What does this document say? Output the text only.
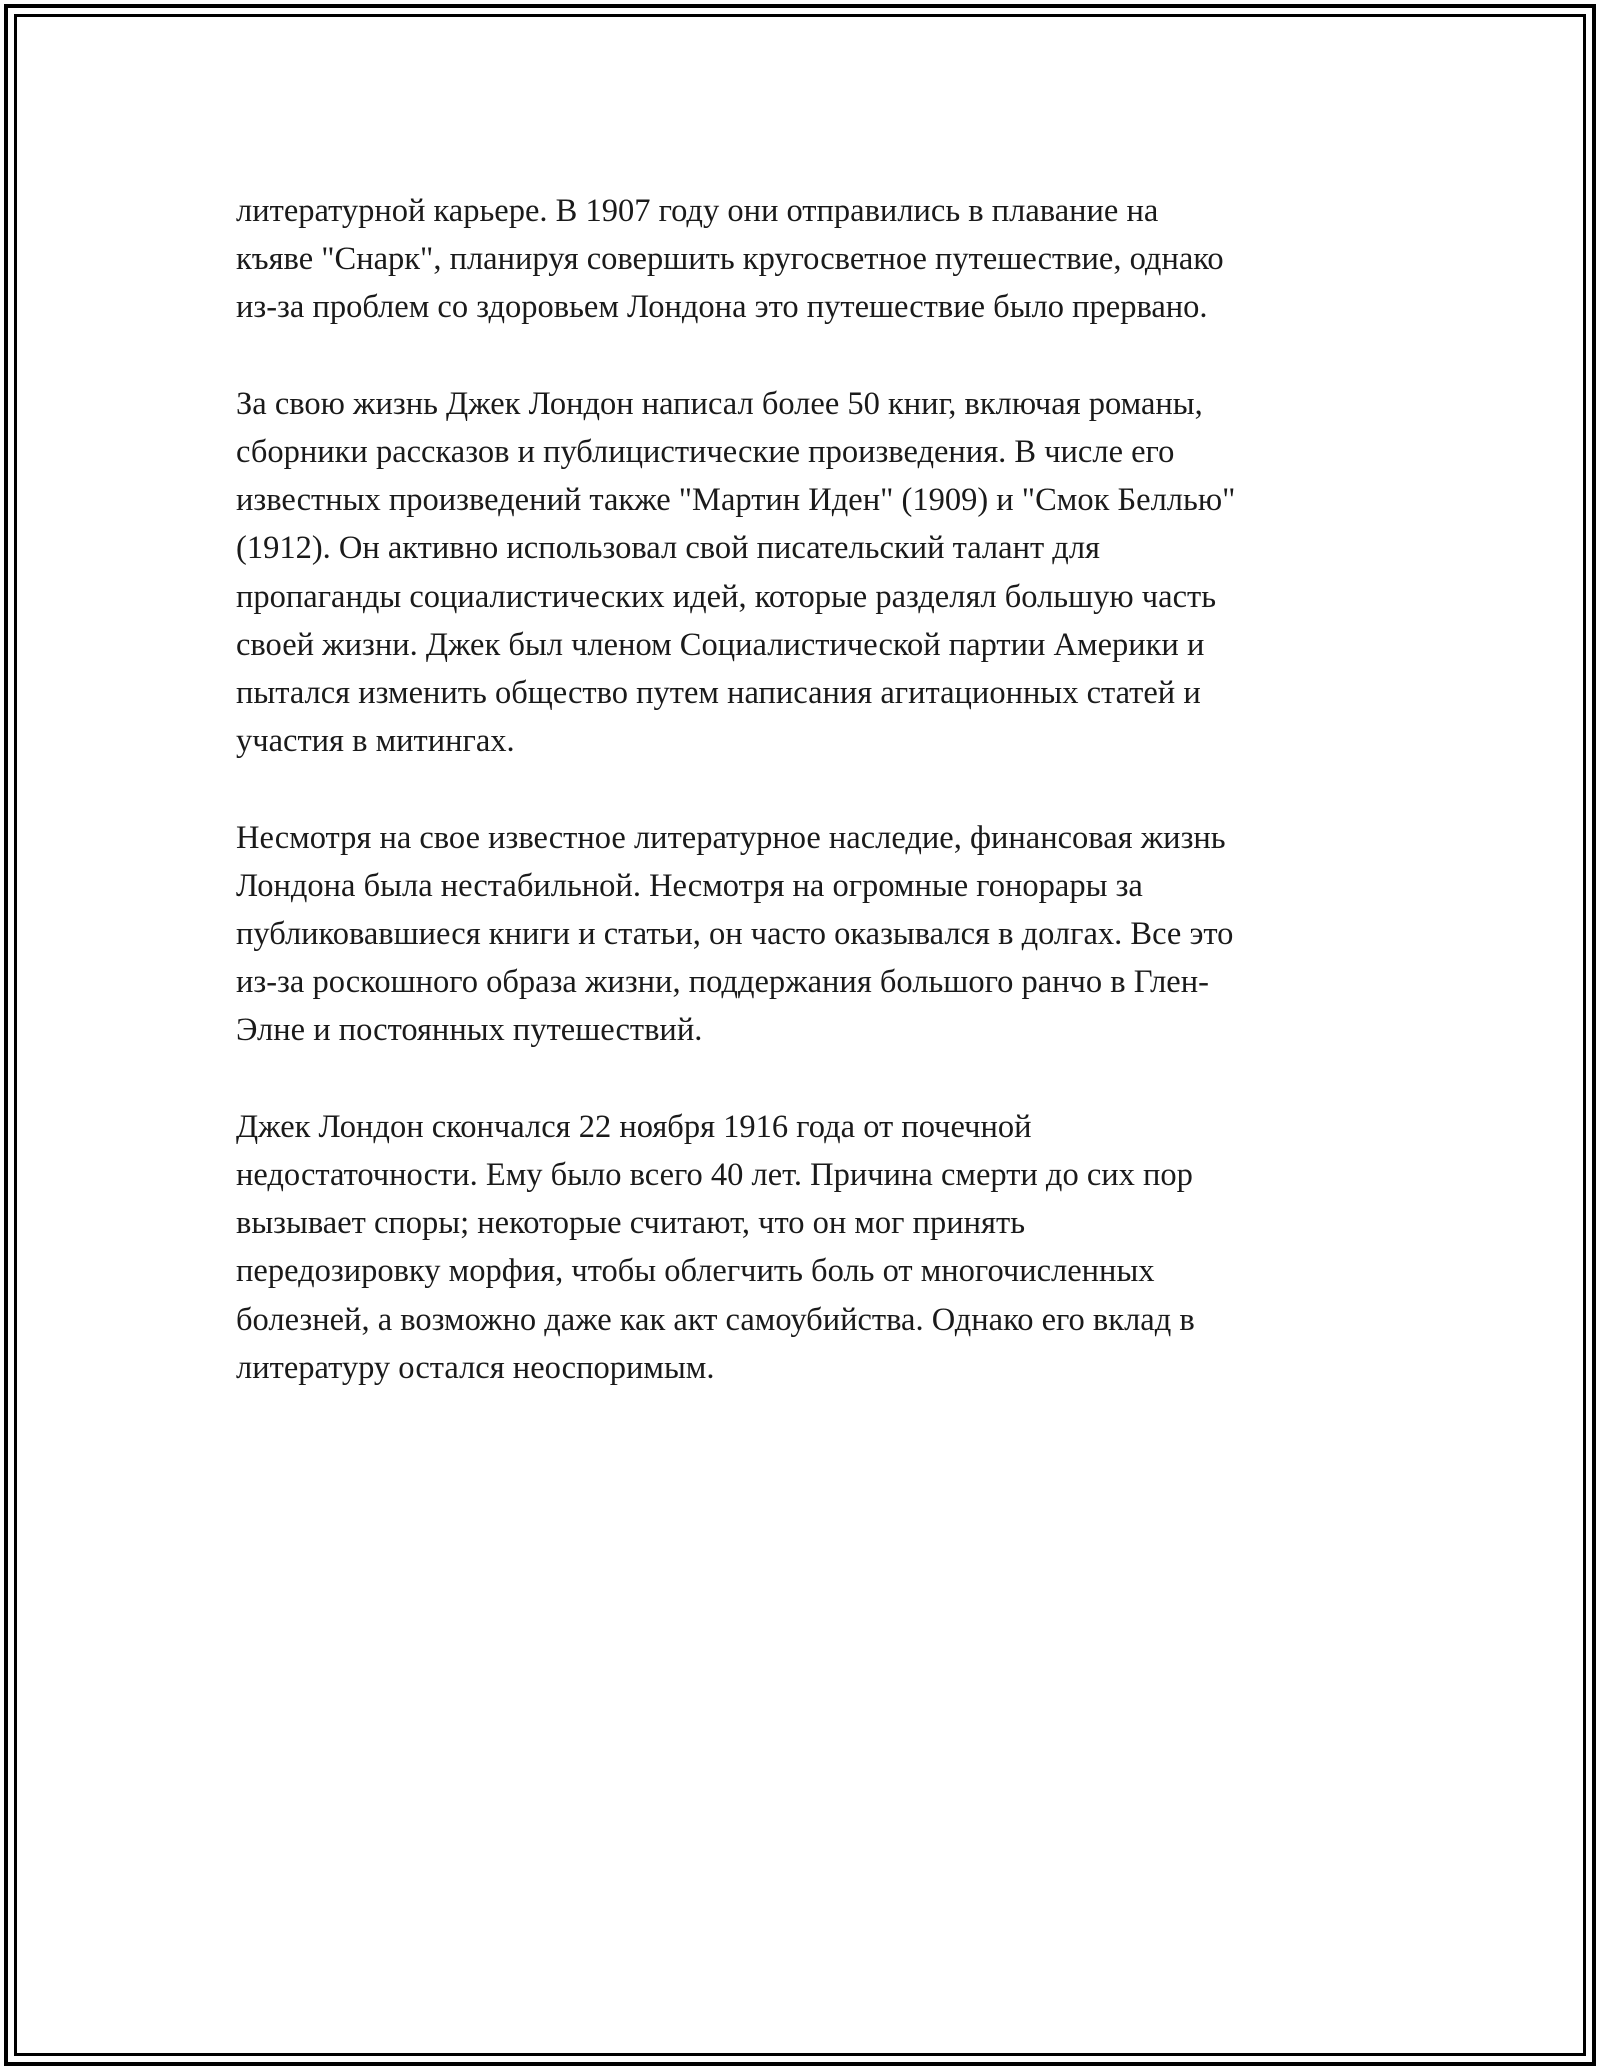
литературной карьере. В 1907 году они отправились в плавание на
къяве "Снарк", планируя совершить кругосветное путешествие, однако
из-за проблем со здоровьем Лондона это путешествие было прервано.

За свою жизнь Джек Лондон написал более 50 книг, включая романы,
сборники рассказов и публицистические произведения. В числе его
известных произведений также "Мартин Иден" (1909) и "Смок Беллью"
(1912). Он активно использовал свой писательский талант для
пропаганды социалистических идей, которые разделял большую часть
своей жизни. Джек был членом Социалистической партии Америки и
пытался изменить общество путем написания агитационных статей и
участия в митингах.

Несмотря на свое известное литературное наследие, финансовая жизнь
Лондона была нестабильной. Несмотря на огромные гонорары за
публиковавшиеся книги и статьи, он часто оказывался в долгах. Все это
из-за роскошного образа жизни, поддержания большого ранчо в Глен-
Элне и постоянных путешествий.

Джек Лондон скончался 22 ноября 1916 года от почечной
недостаточности. Ему было всего 40 лет. Причина смерти до сих пор
вызывает споры; некоторые считают, что он мог принять
передозировку морфия, чтобы облегчить боль от многочисленных
болезней, а возможно даже как акт самоубийства. Однако его вклад в
литературу остался неоспоримым.
